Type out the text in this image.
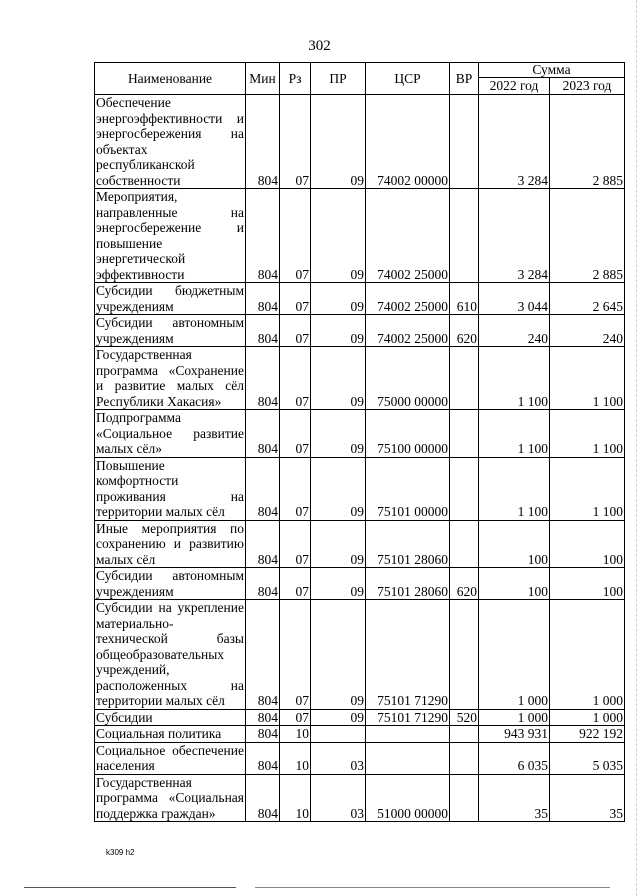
302
Наименование	Мин	Рз	ПР	ЦСР	ВР	Сумма	
						2022 год	2023 год
Обеспечение энергоэффективности и энергосбережения на объектах республиканской собственности	804	07	09	74002 00000		3 284	2 885
Мероприятия, направленные на энергосбережение и повышение энергетической эффективности	804	07	09	74002 25000		3 284	2 885
Субсидии бюджетным учреждениям	804	07	09	74002 25000	610	3 044	2 645
Субсидии автономным учреждениям	804	07	09	74002 25000	620	240	240
Государственная программа «Сохранение и развитие малых сёл Республики Хакасия»	804	07	09	75000 00000		1 100	1 100
Подпрограмма «Социальное развитие малых сёл»	804	07	09	75100 00000		1 100	1 100
Повышение комфортности проживания на территории малых сёл	804	07	09	75101 00000		1 100	1 100
Иные мероприятия по сохранению и развитию малых сёл	804	07	09	75101 28060		100	100
Субсидии автономным учреждениям	804	07	09	75101 28060	620	100	100
Субсидии на укрепление материально-технической базы общеобразовательных учреждений, расположенных на территории малых сёл	804	07	09	75101 71290		1 000	1 000
Субсидии	804	07	09	75101 71290	520	1 000	1 000
Социальная политика	804	10				943 931	922 192
Социальное обеспечение населения	804	10	03			6 035	5 035
Государственная программа «Социальная поддержка граждан»	804	10	03	51000 00000		35	35
k309 h2
